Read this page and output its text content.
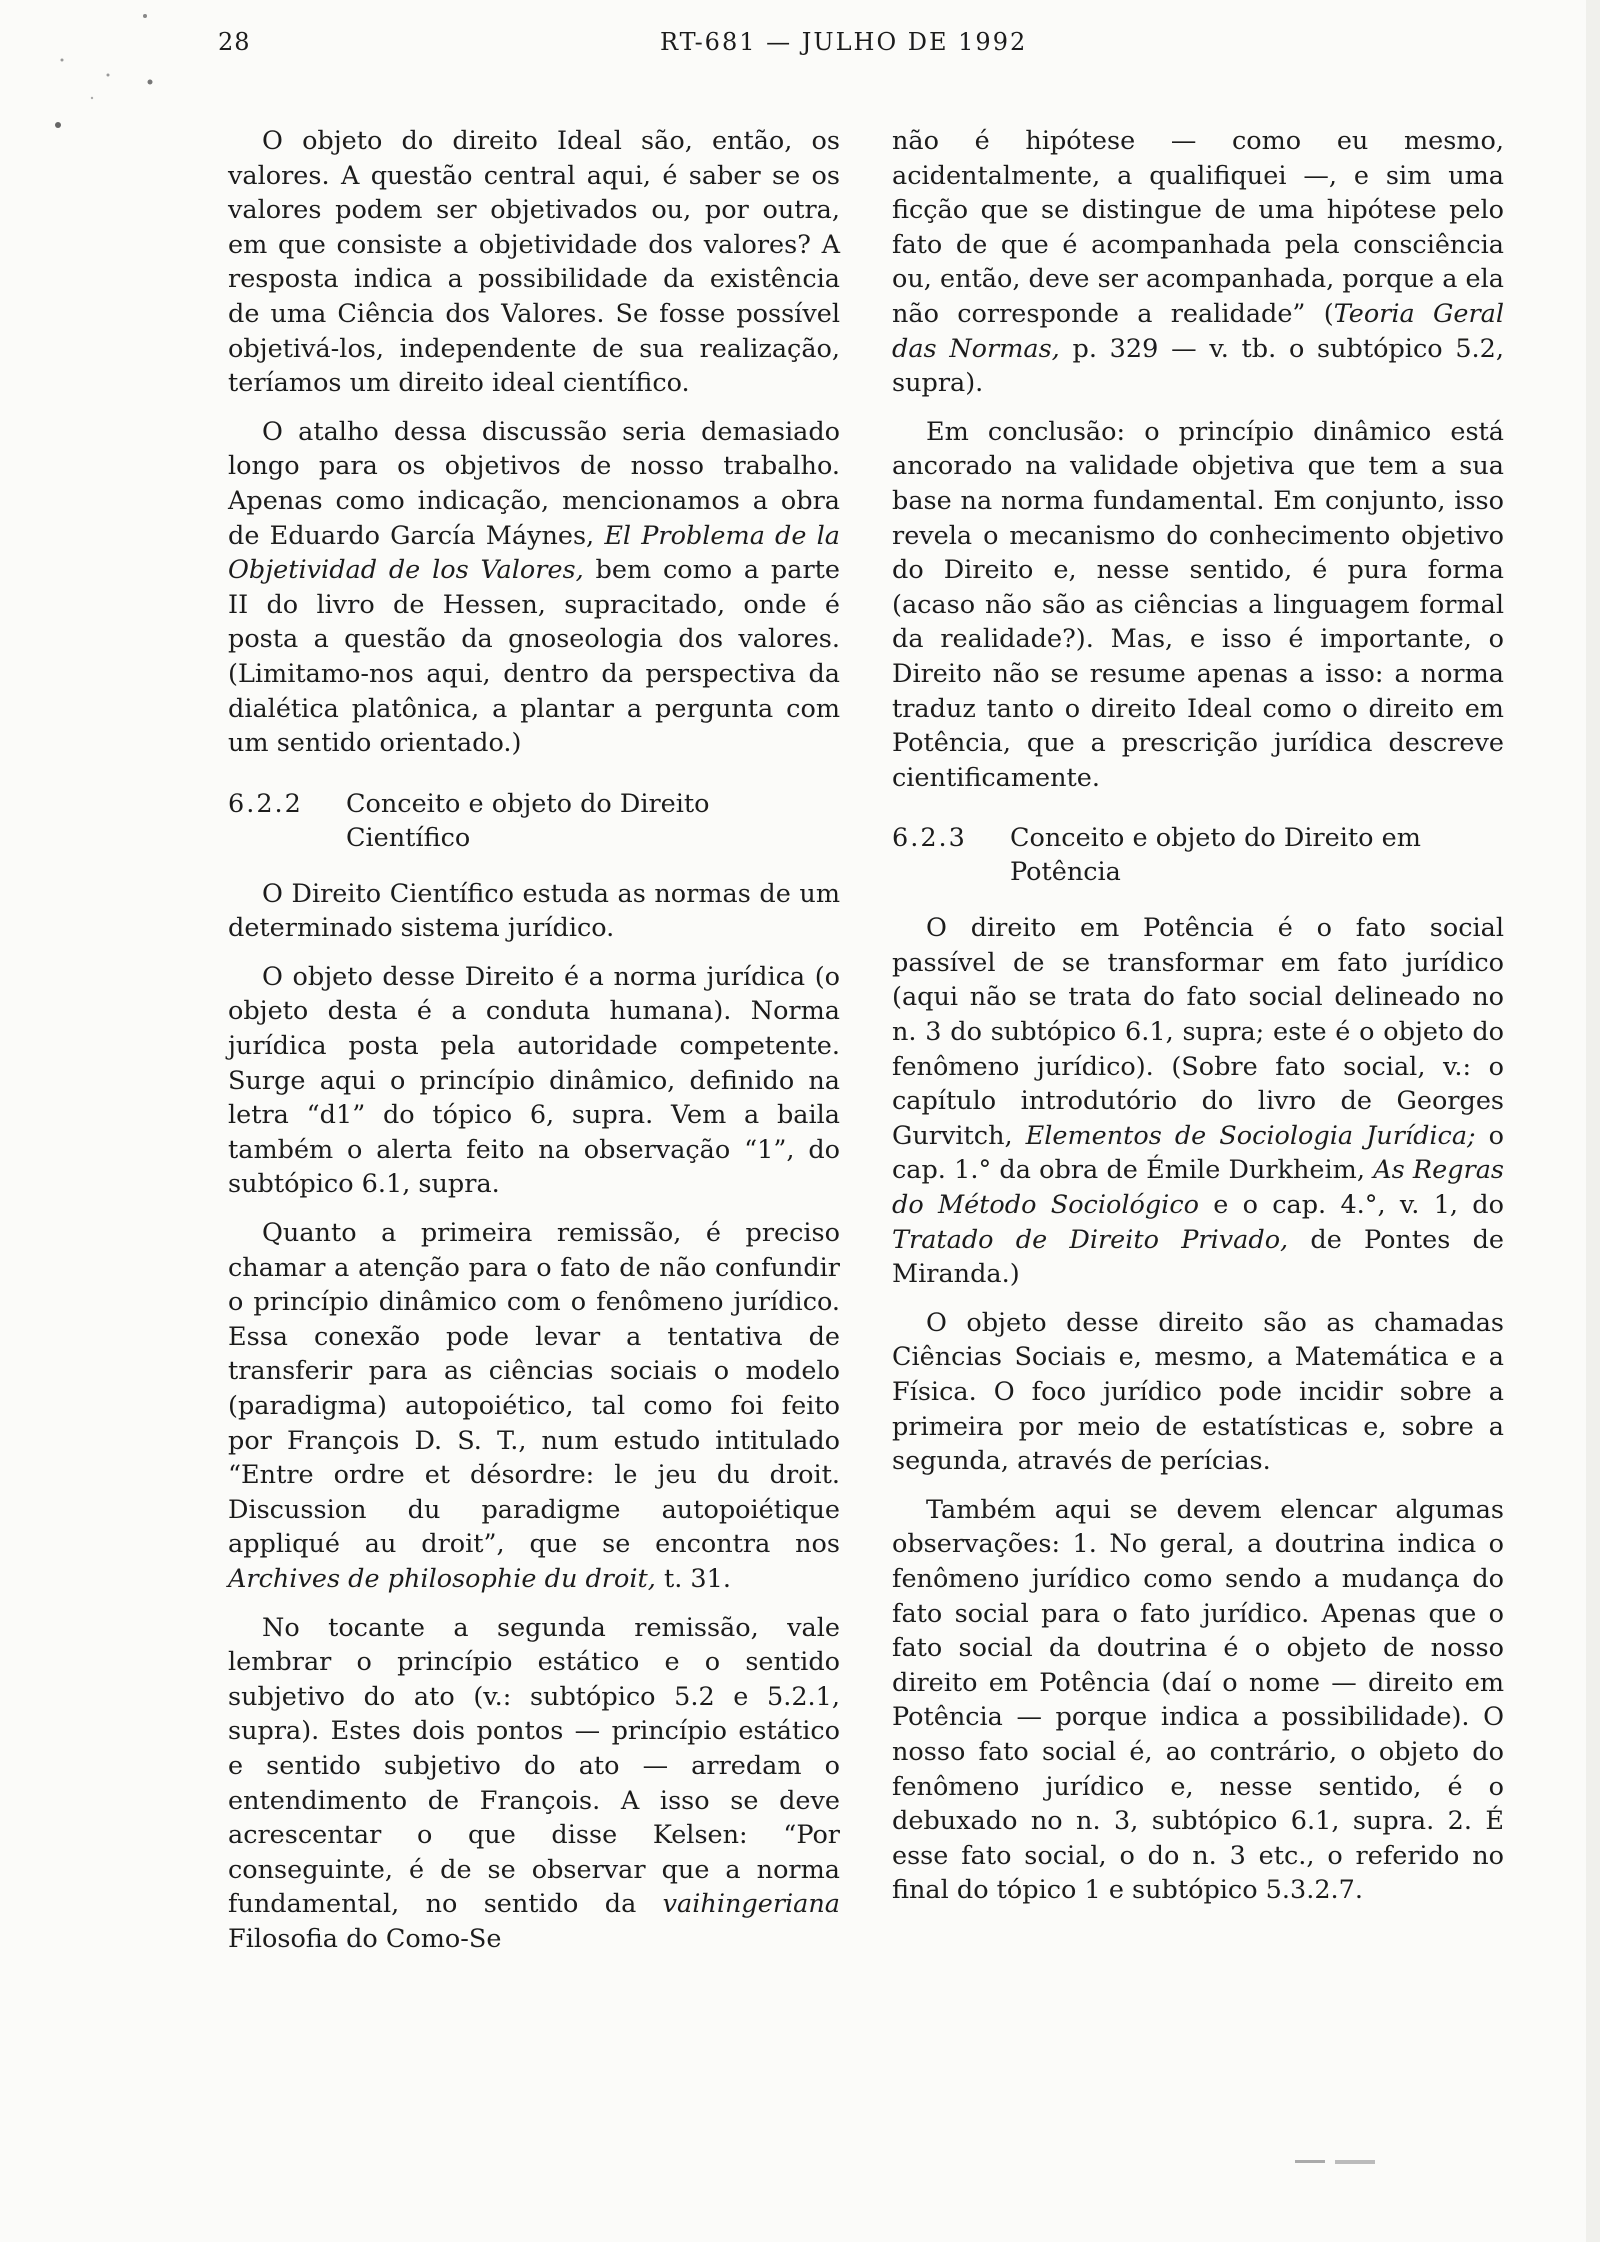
28	RT-681 — JULHO DE 1992

O objeto do direito Ideal são, então, os valores. A questão central aqui, é saber se os valores podem ser objetivados ou, por outra, em que consiste a objetividade dos valores? A resposta indica a possibilidade da existência de uma Ciência dos Valores. Se fosse possível objetivá-los, independente de sua realização, teríamos um direito ideal científico.

O atalho dessa discussão seria demasiado longo para os objetivos de nosso trabalho. Apenas como indicação, mencionamos a obra de Eduardo García Máynes, El Problema de la Objetividad de los Valores, bem como a parte II do livro de Hessen, supracitado, onde é posta a questão da gnoseologia dos valores. (Limitamo-nos aqui, dentro da perspectiva da dialética platônica, a plantar a pergunta com um sentido orientado.)

6.2.2	Conceito e objeto do Direito Científico

O Direito Científico estuda as normas de um determinado sistema jurídico.

O objeto desse Direito é a norma jurídica (o objeto desta é a conduta humana). Norma jurídica posta pela autoridade competente. Surge aqui o princípio dinâmico, definido na letra “d1” do tópico 6, supra. Vem a baila também o alerta feito na observação “1”, do subtópico 6.1, supra.

Quanto a primeira remissão, é preciso chamar a atenção para o fato de não confundir o princípio dinâmico com o fenômeno jurídico. Essa conexão pode levar a tentativa de transferir para as ciências sociais o modelo (paradigma) autopoiético, tal como foi feito por François D. S. T., num estudo intitulado “Entre ordre et désordre: le jeu du droit. Discussion du paradigme autopoiétique appliqué au droit”, que se encontra nos Archives de philosophie du droit, t. 31.

No tocante a segunda remissão, vale lembrar o princípio estático e o sentido subjetivo do ato (v.: subtópico 5.2 e 5.2.1, supra). Estes dois pontos — princípio estático e sentido subjetivo do ato — arredam o entendimento de François. A isso se deve acrescentar o que disse Kelsen: “Por conseguinte, é de se observar que a norma fundamental, no sentido da vaihingeriana Filosofia do Como-Se

não é hipótese — como eu mesmo, acidentalmente, a qualifiquei —, e sim uma ficção que se distingue de uma hipótese pelo fato de que é acompanhada pela consciência ou, então, deve ser acompanhada, porque a ela não corresponde a realidade” (Teoria Geral das Normas, p. 329 — v. tb. o subtópico 5.2, supra).

Em conclusão: o princípio dinâmico está ancorado na validade objetiva que tem a sua base na norma fundamental. Em conjunto, isso revela o mecanismo do conhecimento objetivo do Direito e, nesse sentido, é pura forma (acaso não são as ciências a linguagem formal da realidade?). Mas, e isso é importante, o Direito não se resume apenas a isso: a norma traduz tanto o direito Ideal como o direito em Potência, que a prescrição jurídica descreve cientificamente.

6.2.3	Conceito e objeto do Direito em Potência

O direito em Potência é o fato social passível de se transformar em fato jurídico (aqui não se trata do fato social delineado no n. 3 do subtópico 6.1, supra; este é o objeto do fenômeno jurídico). (Sobre fato social, v.: o capítulo introdutório do livro de Georges Gurvitch, Elementos de Sociologia Jurídica; o cap. 1.° da obra de Émile Durkheim, As Regras do Método Sociológico e o cap. 4.°, v. 1, do Tratado de Direito Privado, de Pontes de Miranda.)

O objeto desse direito são as chamadas Ciências Sociais e, mesmo, a Matemática e a Física. O foco jurídico pode incidir sobre a primeira por meio de estatísticas e, sobre a segunda, através de perícias.

Também aqui se devem elencar algumas observações: 1. No geral, a doutrina indica o fenômeno jurídico como sendo a mudança do fato social para o fato jurídico. Apenas que o fato social da doutrina é o objeto de nosso direito em Potência (daí o nome — direito em Potência — porque indica a possibilidade). O nosso fato social é, ao contrário, o objeto do fenômeno jurídico e, nesse sentido, é o debuxado no n. 3, subtópico 6.1, supra. 2. É esse fato social, o do n. 3 etc., o referido no final do tópico 1 e subtópico 5.3.2.7.
